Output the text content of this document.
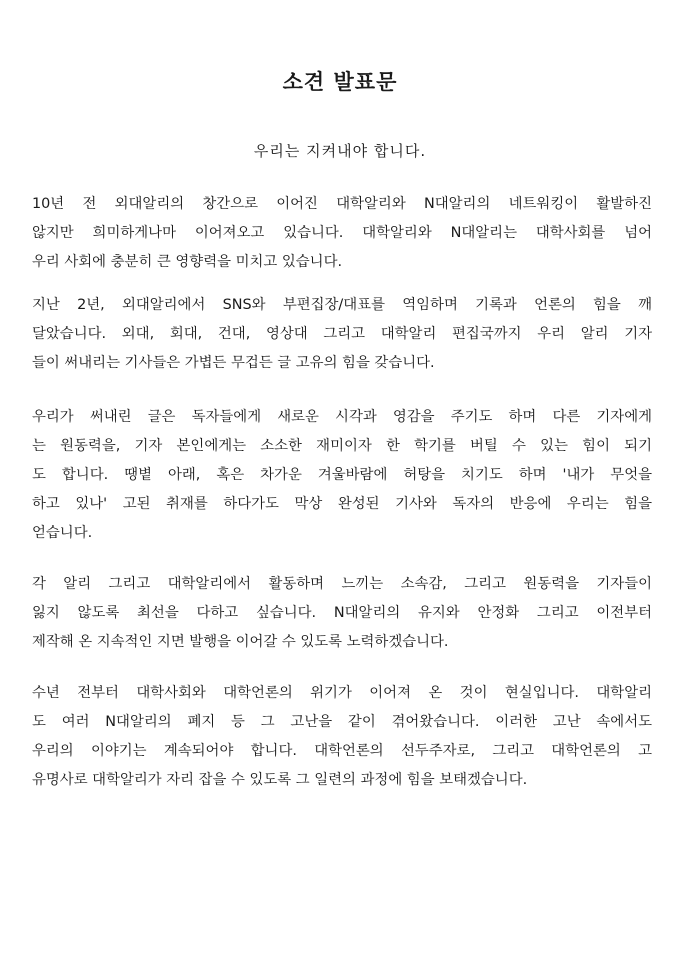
소견 발표문
우리는 지켜내야 합니다.
10년 전 외대알리의 창간으로 이어진 대학알리와 N대알리의 네트워킹이 활발하진
않지만 희미하게나마 이어져오고 있습니다. 대학알리와 N대알리는 대학사회를 넘어
우리 사회에 충분히 큰 영향력을 미치고 있습니다.
지난 2년, 외대알리에서 SNS와 부편집장/대표를 역임하며 기록과 언론의 힘을 깨
달았습니다. 외대, 회대, 건대, 영상대 그리고 대학알리 편집국까지 우리 알리 기자
들이 써내리는 기사들은 가볍든 무겁든 글 고유의 힘을 갖습니다.
우리가 써내린 글은 독자들에게 새로운 시각과 영감을 주기도 하며 다른 기자에게
는 원동력을, 기자 본인에게는 소소한 재미이자 한 학기를 버틸 수 있는 힘이 되기
도 합니다. 땡볕 아래, 혹은 차가운 겨울바람에 허탕을 치기도 하며 '내가 무엇을
하고 있나' 고된 취재를 하다가도 막상 완성된 기사와 독자의 반응에 우리는 힘을
얻습니다.
각 알리 그리고 대학알리에서 활동하며 느끼는 소속감, 그리고 원동력을 기자들이
잃지 않도록 최선을 다하고 싶습니다. N대알리의 유지와 안정화 그리고 이전부터
제작해 온 지속적인 지면 발행을 이어갈 수 있도록 노력하겠습니다.
수년 전부터 대학사회와 대학언론의 위기가 이어져 온 것이 현실입니다. 대학알리
도 여러 N대알리의 폐지 등 그 고난을 같이 겪어왔습니다. 이러한 고난 속에서도
우리의 이야기는 계속되어야 합니다. 대학언론의 선두주자로, 그리고 대학언론의 고
유명사로 대학알리가 자리 잡을 수 있도록 그 일련의 과정에 힘을 보태겠습니다.
